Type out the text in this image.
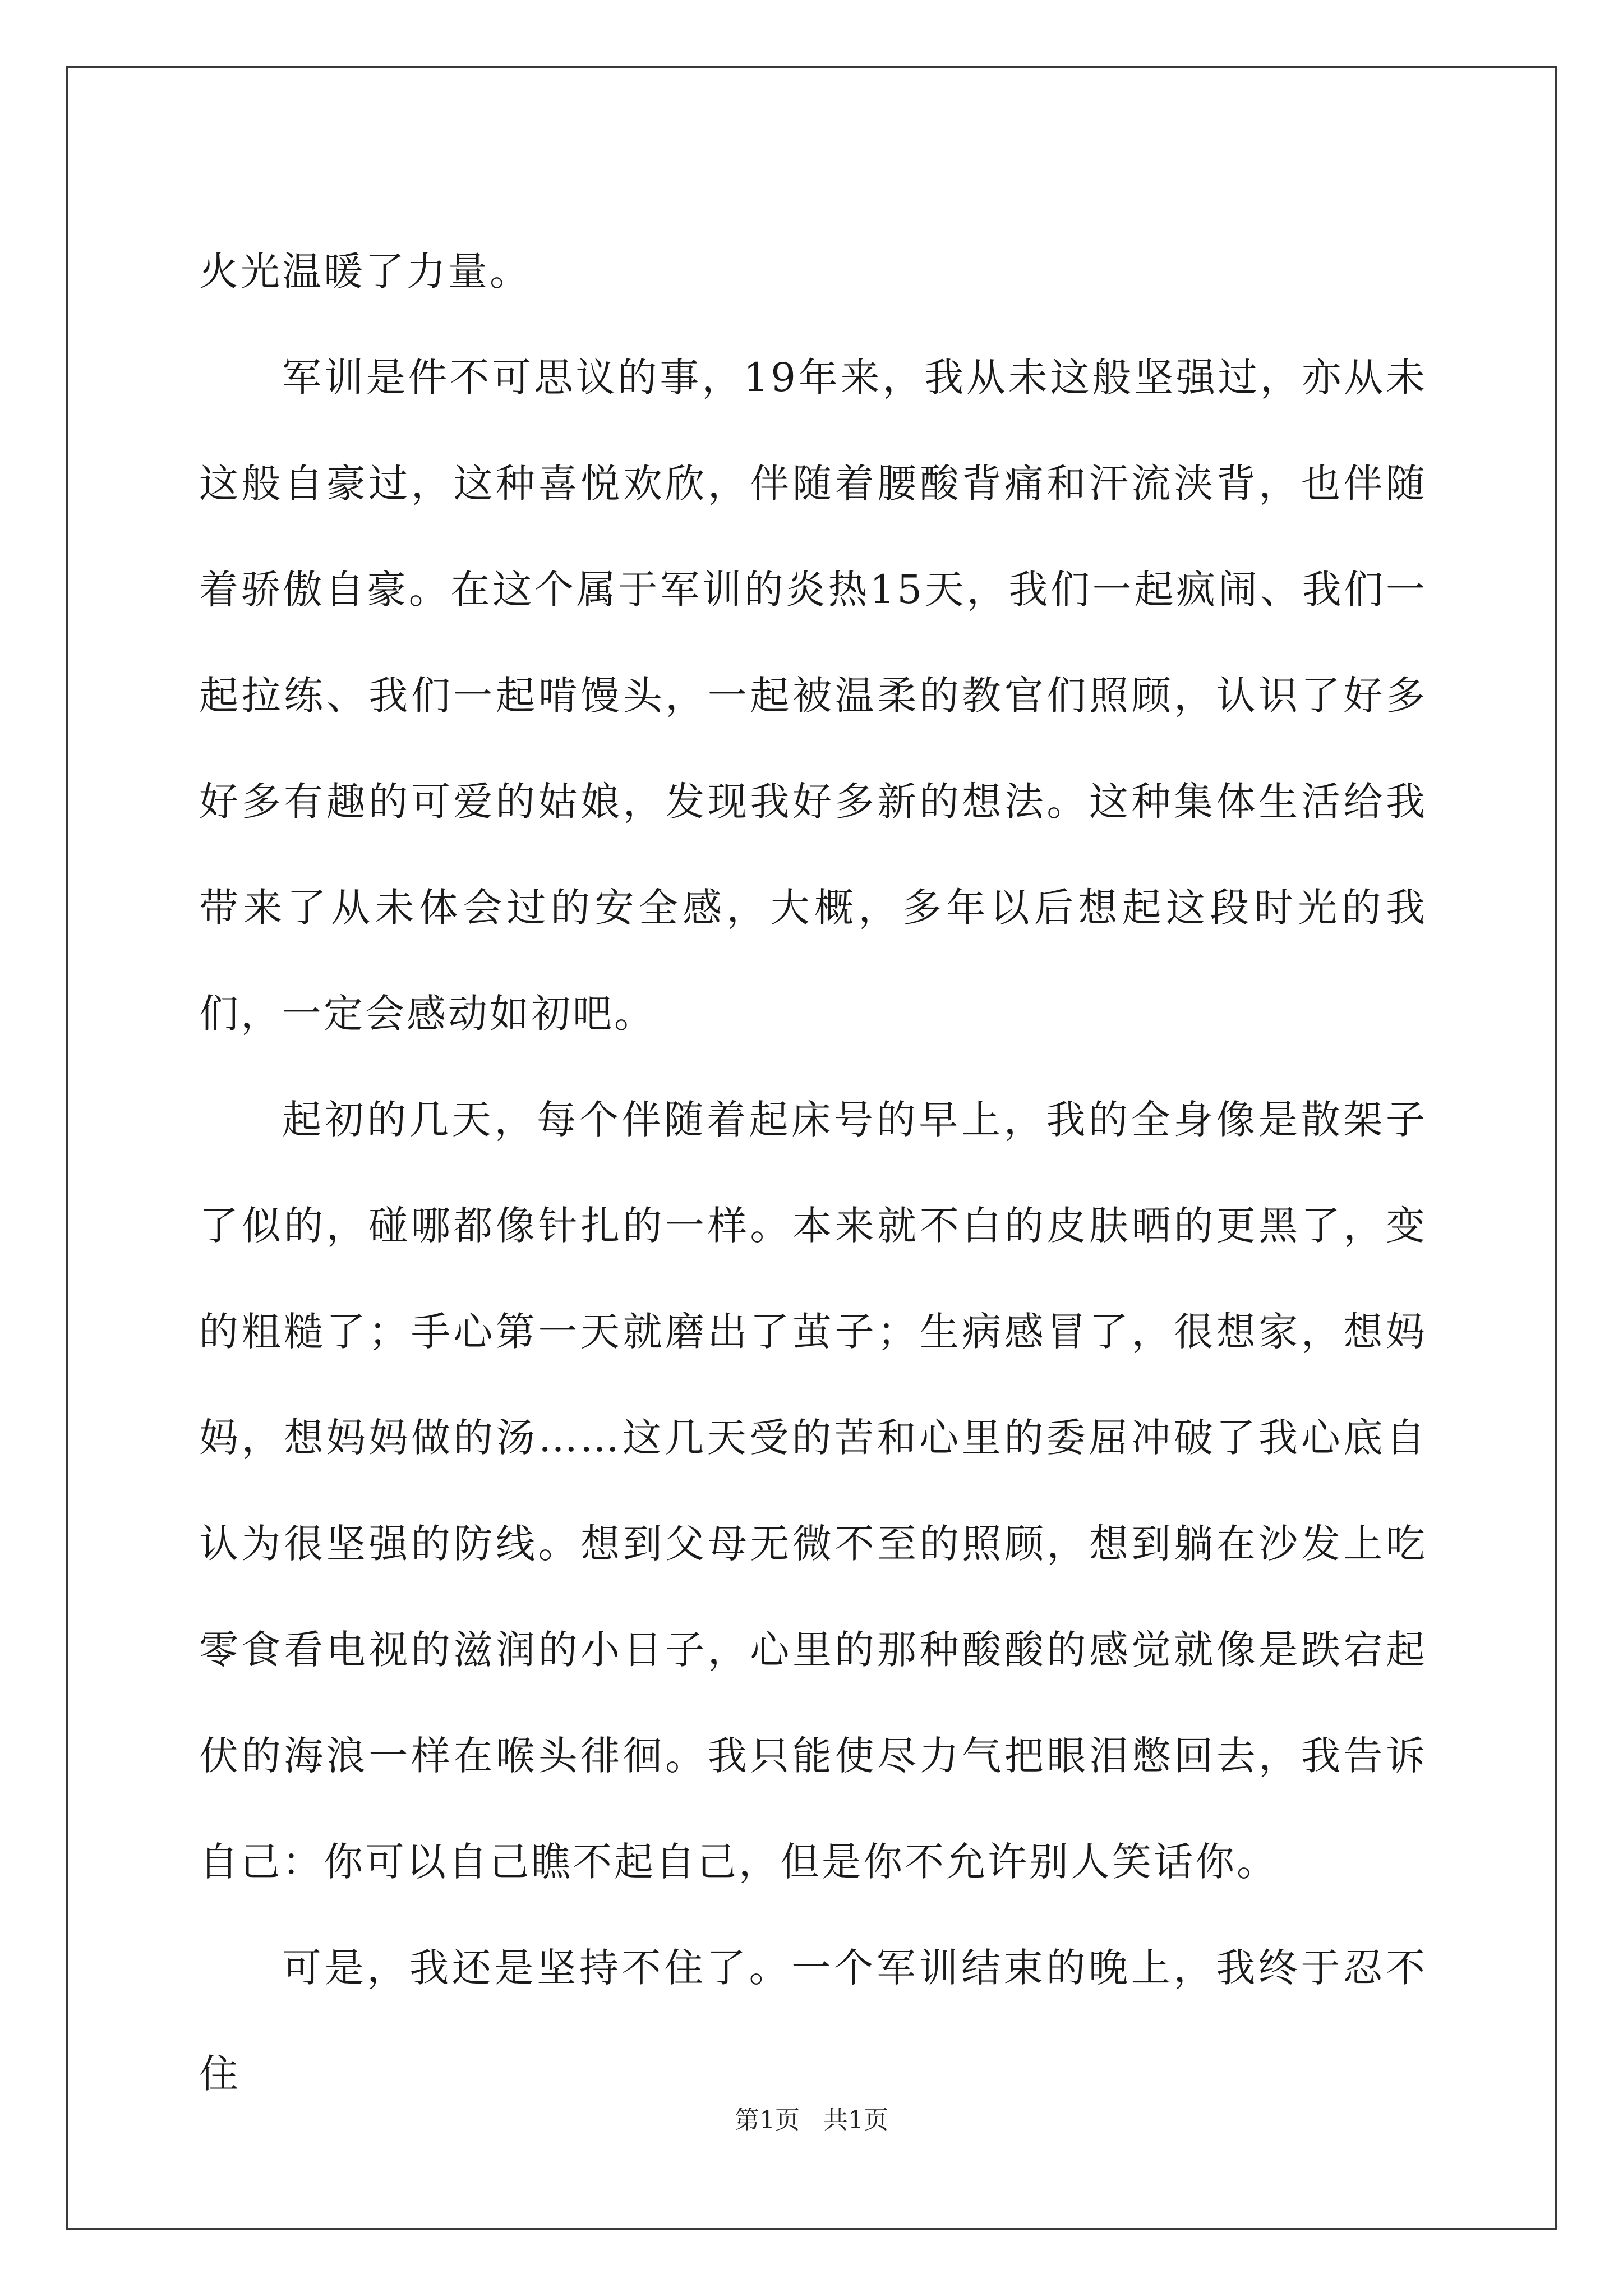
火光温暖了力量。

军训是件不可思议的事，19年来，我从未这般坚强过，亦从未这般自豪过，这种喜悦欢欣，伴随着腰酸背痛和汗流浃背，也伴随着骄傲自豪。在这个属于军训的炎热15天，我们一起疯闹、我们一起拉练、我们一起啃馒头，一起被温柔的教官们照顾，认识了好多好多有趣的可爱的姑娘，发现我好多新的想法。这种集体生活给我带来了从未体会过的安全感，大概，多年以后想起这段时光的我们，一定会感动如初吧。

起初的几天，每个伴随着起床号的早上，我的全身像是散架子了似的，碰哪都像针扎的一样。本来就不白的皮肤晒的更黑了，变的粗糙了；手心第一天就磨出了茧子；生病感冒了，很想家，想妈妈，想妈妈做的汤……这几天受的苦和心里的委屈冲破了我心底自认为很坚强的防线。想到父母无微不至的照顾，想到躺在沙发上吃零食看电视的滋润的小日子，心里的那种酸酸的感觉就像是跌宕起伏的海浪一样在喉头徘徊。我只能使尽力气把眼泪憋回去，我告诉自己：你可以自己瞧不起自己，但是你不允许别人笑话你。

可是，我还是坚持不住了。一个军训结束的晚上，我终于忍不住

第1页 共1页
